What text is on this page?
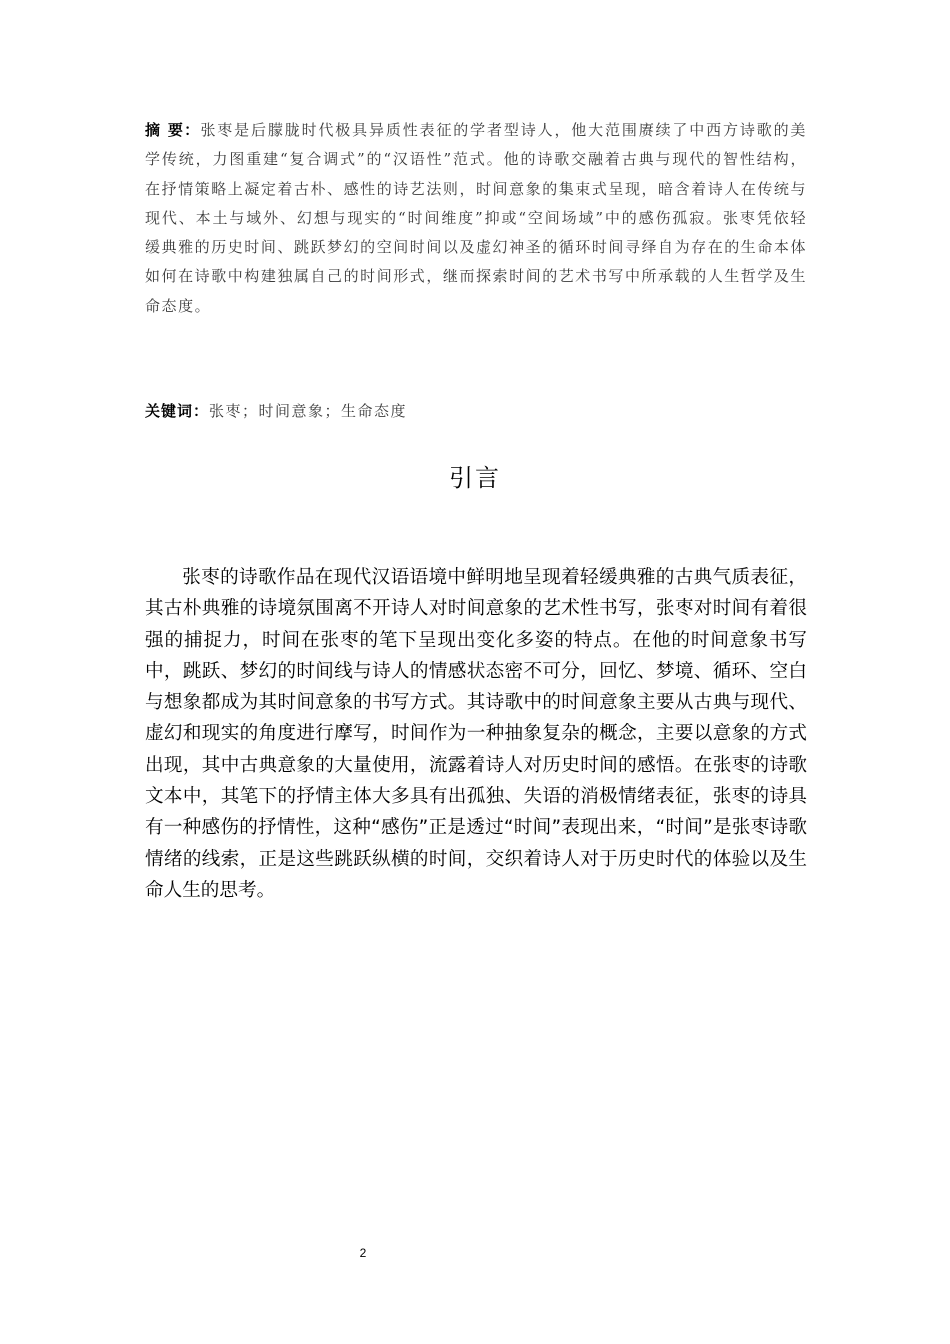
摘 要：张枣是后朦胧时代极具异质性表征的学者型诗人，他大范围赓续了中西方诗歌的美学传统，力图重建“复合调式”的“汉语性”范式。他的诗歌交融着古典与现代的智性结构，在抒情策略上凝定着古朴、感性的诗艺法则，时间意象的集束式呈现，暗含着诗人在传统与现代、本土与域外、幻想与现实的“时间维度”抑或“空间场域”中的感伤孤寂。张枣凭依轻缓典雅的历史时间、跳跃梦幻的空间时间以及虚幻神圣的循环时间寻绎自为存在的生命本体如何在诗歌中构建独属自己的时间形式，继而探索时间的艺术书写中所承载的人生哲学及生命态度。
关键词：张枣；时间意象；生命态度
引言

张枣的诗歌作品在现代汉语语境中鲜明地呈现着轻缓典雅的古典气质表征，其古朴典雅的诗境氛围离不开诗人对时间意象的艺术性书写，张枣对时间有着很强的捕捉力，时间在张枣的笔下呈现出变化多姿的特点。在他的时间意象书写中，跳跃、梦幻的时间线与诗人的情感状态密不可分，回忆、梦境、循环、空白与想象都成为其时间意象的书写方式。其诗歌中的时间意象主要从古典与现代、虚幻和现实的角度进行摩写，时间作为一种抽象复杂的概念，主要以意象的方式出现，其中古典意象的大量使用，流露着诗人对历史时间的感悟。在张枣的诗歌文本中，其笔下的抒情主体大多具有出孤独、失语的消极情绪表征，张枣的诗具有一种感伤的抒情性，这种“感伤”正是透过“时间”表现出来，“时间”是张枣诗歌情绪的线索，正是这些跳跃纵横的时间，交织着诗人对于历史时代的体验以及生命人生的思考。

2
